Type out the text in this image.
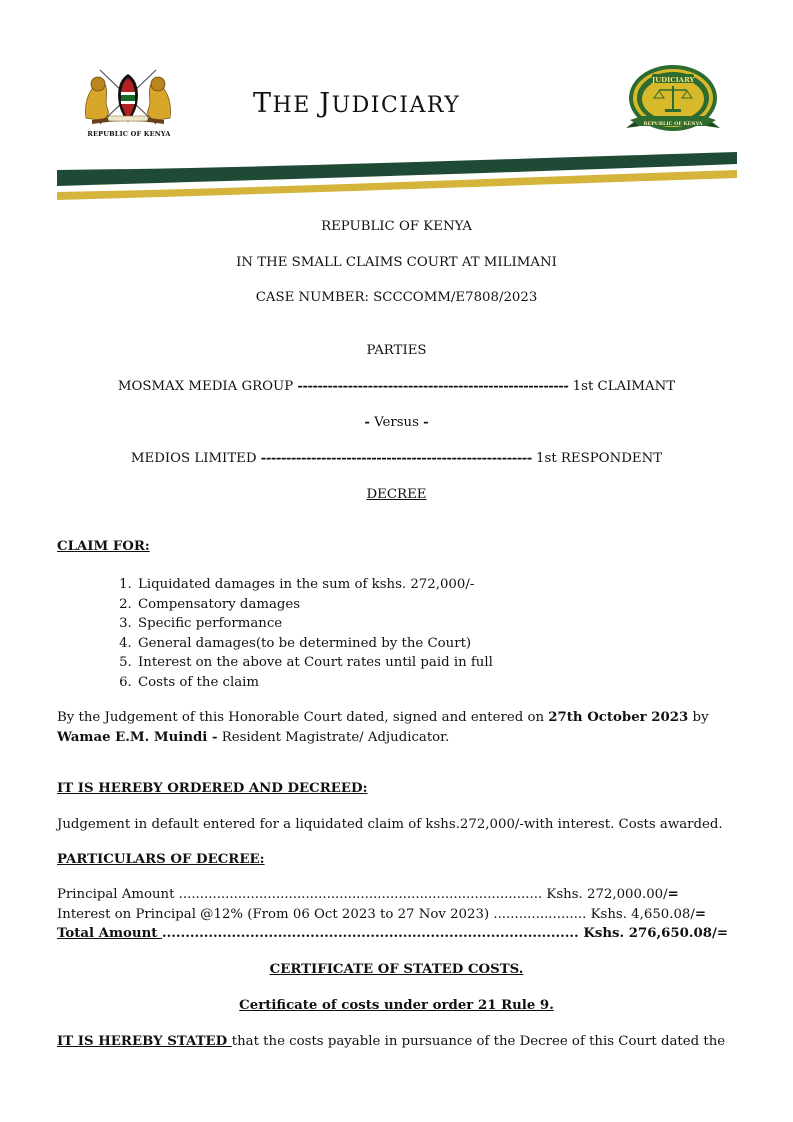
REPUBLIC OF KENYA
THE JUDICIARY
JUDICIARY
REPUBLIC OF KENYA
REPUBLIC OF KENYA
IN THE SMALL CLAIMS COURT AT MILIMANI
CASE NUMBER: SCCCOMM/E7808/2023
PARTIES
MOSMAX MEDIA GROUP ------------------------------------------------------ 1st CLAIMANT
- Versus -
MEDIOS LIMITED ------------------------------------------------------ 1st RESPONDENT
DECREE
CLAIM FOR:
1. Liquidated damages in the sum of kshs. 272,000/-
2. Compensatory damages
3. Specific performance
4. General damages(to be determined by the Court)
5. Interest on the above at Court rates until paid in full
6. Costs of the claim
By the Judgement of this Honorable Court dated, signed and entered on 27th October 2023 by
Wamae E.M. Muindi - Resident Magistrate/ Adjudicator.
IT IS HEREBY ORDERED AND DECREED:
Judgement in default entered for a liquidated claim of kshs.272,000/-with interest. Costs awarded.
PARTICULARS OF DECREE:
Principal Amount ...................................................................................... Kshs. 272,000.00/=
Interest on Principal @12% (From 06 Oct 2023 to 27 Nov 2023) ...................... Kshs. 4,650.08/=
Total Amount .......................................................................................... Kshs. 276,650.08/=
CERTIFICATE OF STATED COSTS.
Certificate of costs under order 21 Rule 9.
IT IS HEREBY STATED that the costs payable in pursuance of the Decree of this Court dated the
